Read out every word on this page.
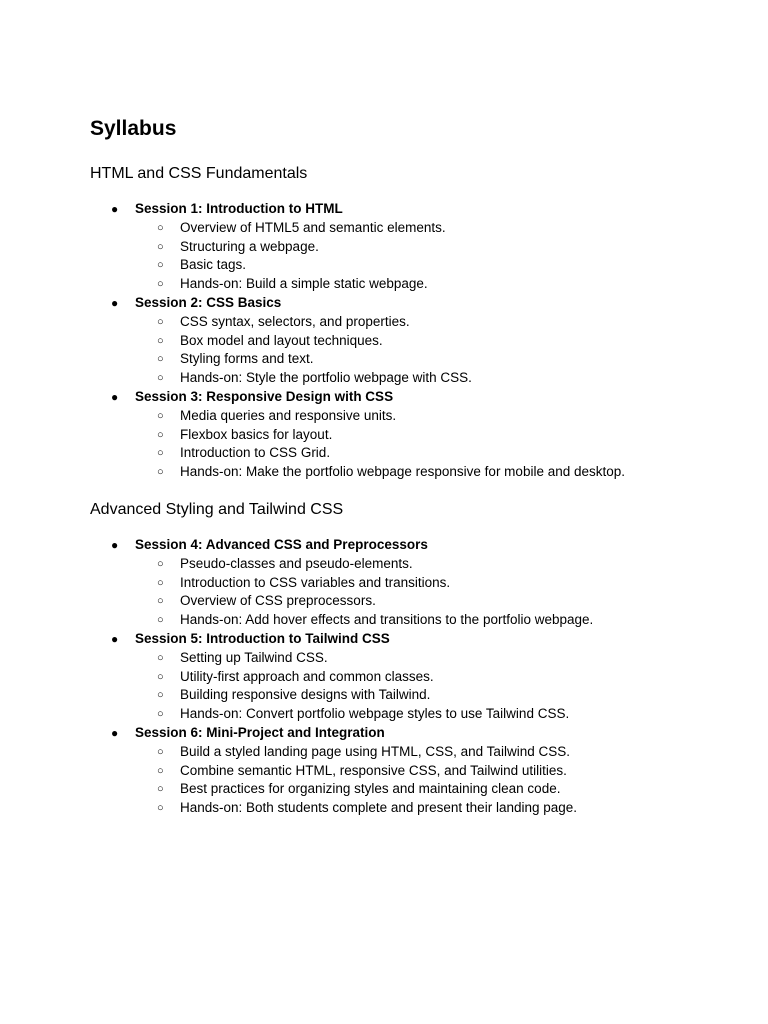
Syllabus
HTML and CSS Fundamentals
● Session 1: Introduction to HTML
○ Overview of HTML5 and semantic elements.
○ Structuring a webpage.
○ Basic tags.
○ Hands-on: Build a simple static webpage.
● Session 2: CSS Basics
○ CSS syntax, selectors, and properties.
○ Box model and layout techniques.
○ Styling forms and text.
○ Hands-on: Style the portfolio webpage with CSS.
● Session 3: Responsive Design with CSS
○ Media queries and responsive units.
○ Flexbox basics for layout.
○ Introduction to CSS Grid.
○ Hands-on: Make the portfolio webpage responsive for mobile and desktop.
Advanced Styling and Tailwind CSS
● Session 4: Advanced CSS and Preprocessors
○ Pseudo-classes and pseudo-elements.
○ Introduction to CSS variables and transitions.
○ Overview of CSS preprocessors.
○ Hands-on: Add hover effects and transitions to the portfolio webpage.
● Session 5: Introduction to Tailwind CSS
○ Setting up Tailwind CSS.
○ Utility-first approach and common classes.
○ Building responsive designs with Tailwind.
○ Hands-on: Convert portfolio webpage styles to use Tailwind CSS.
● Session 6: Mini-Project and Integration
○ Build a styled landing page using HTML, CSS, and Tailwind CSS.
○ Combine semantic HTML, responsive CSS, and Tailwind utilities.
○ Best practices for organizing styles and maintaining clean code.
○ Hands-on: Both students complete and present their landing page.
